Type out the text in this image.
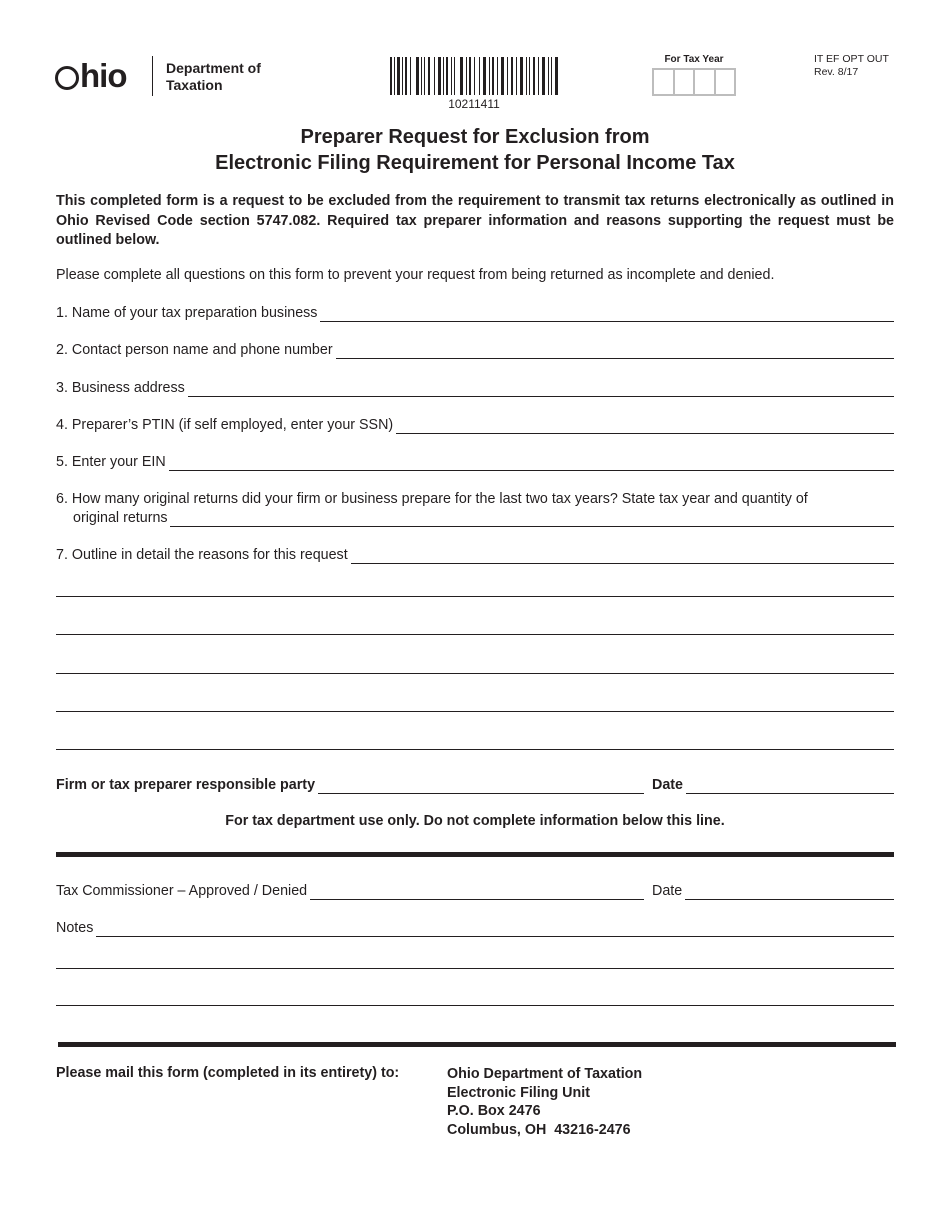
hio	Department of
Taxation
10211411
For Tax Year	IT EF OPT OUT
Rev. 8/17
Preparer Request for Exclusion from
Electronic Filing Requirement for Personal Income Tax
This completed form is a request to be excluded from the requirement to transmit tax returns electronically as outlined in Ohio Revised Code section 5747.082. Required tax preparer information and reasons supporting the request must be outlined below.
Please complete all questions on this form to prevent your request from being returned as incomplete and denied.
1. Name of your tax preparation business
2. Contact person name and phone number
3. Business address
4. Preparer’s PTIN (if self employed, enter your SSN)
5. Enter your EIN
6. How many original returns did your firm or business prepare for the last two tax years? State tax year and quantity of
original returns
7. Outline in detail the reasons for this request
Firm or tax preparer responsible party	Date
For tax department use only. Do not complete information below this line.
Tax Commissioner – Approved / Denied	Date
Notes
Please mail this form (completed in its entirety) to:	Ohio Department of Taxation
Electronic Filing Unit
P.O. Box 2476
Columbus, OH  43216-2476
